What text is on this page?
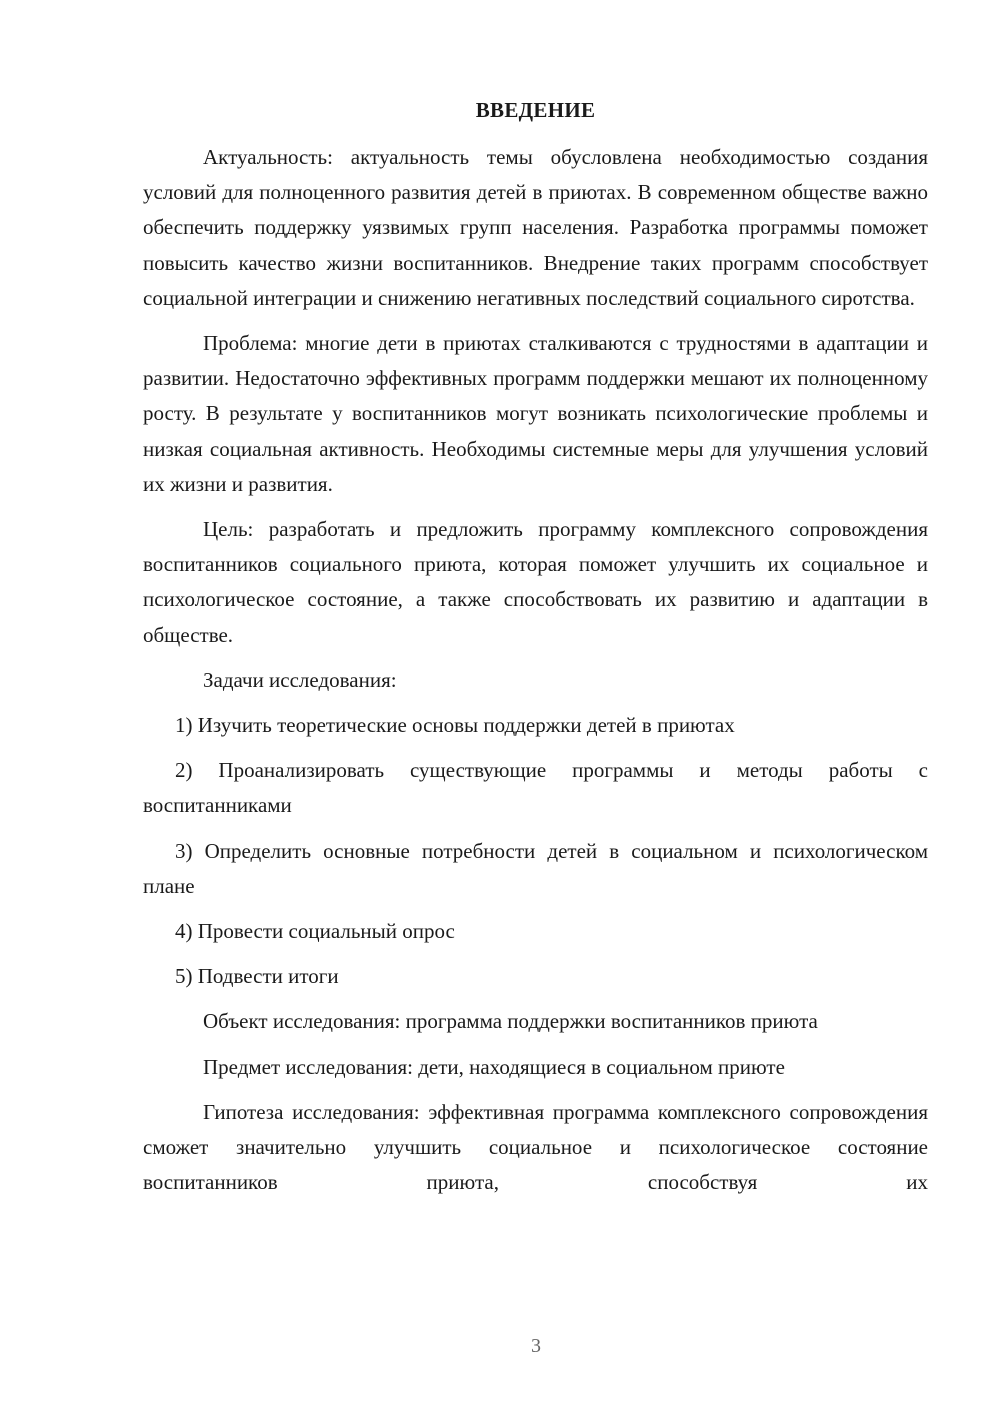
ВВЕДЕНИЕ

Актуальность: актуальность темы обусловлена необходимостью создания условий для полноценного развития детей в приютах. В современном обществе важно обеспечить поддержку уязвимых групп населения. Разработка программы поможет повысить качество жизни воспитанников. Внедрение таких программ способствует социальной интеграции и снижению негативных последствий социального сиротства.

Проблема: многие дети в приютах сталкиваются с трудностями в адаптации и развитии. Недостаточно эффективных программ поддержки мешают их полноценному росту. В результате у воспитанников могут возникать психологические проблемы и низкая социальная активность. Необходимы системные меры для улучшения условий их жизни и развития.

Цель: разработать и предложить программу комплексного сопровождения воспитанников социального приюта, которая поможет улучшить их социальное и психологическое состояние, а также способствовать их развитию и адаптации в обществе.

Задачи исследования:

1) Изучить теоретические основы поддержки детей в приютах

2) Проанализировать существующие программы и методы работы с воспитанниками

3) Определить основные потребности детей в социальном и психологическом плане

4) Провести социальный опрос

5) Подвести итоги

Объект исследования: программа поддержки воспитанников приюта

Предмет исследования: дети, находящиеся в социальном приюте

Гипотеза исследования: эффективная программа комплексного сопровождения сможет значительно улучшить социальное и психологическое состояние воспитанников приюта, способствуя их

3
